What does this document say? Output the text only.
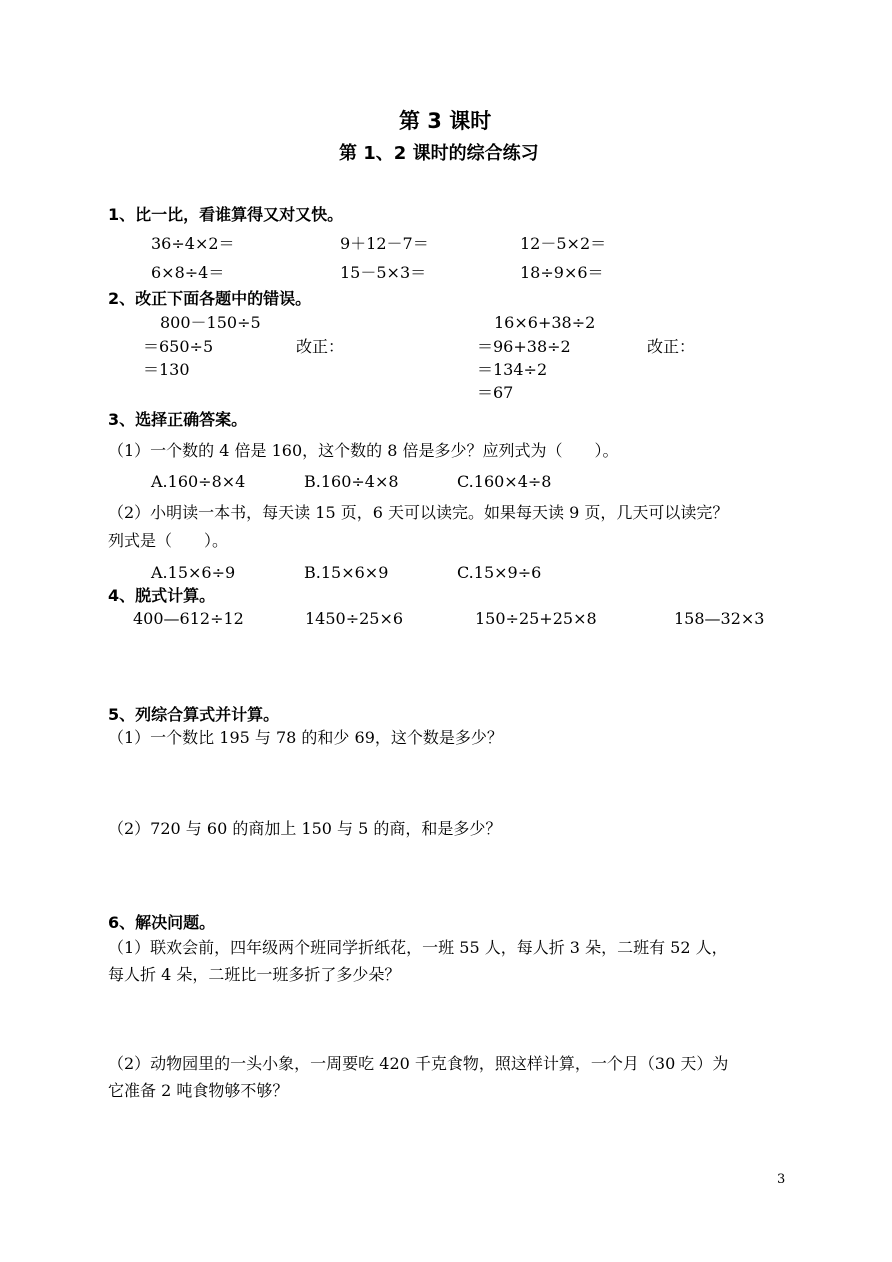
第 3 课时
第 1、2 课时的综合练习
1、比一比，看谁算得又对又快。
36÷4×2＝	9＋12－7＝	12－5×2＝
6×8÷4＝	15－5×3＝	18÷9×6＝
2、改正下面各题中的错误。
800－150÷5
＝650÷5
＝130
改正：
16×6+38÷2
＝96+38÷2
＝134÷2
＝67
改正：
3、选择正确答案。
（1）一个数的 4 倍是 160，这个数的 8 倍是多少？应列式为（　　）。
A.160÷8×4	B.160÷4×8	C.160×4÷8
（2）小明读一本书，每天读 15 页，6 天可以读完。如果每天读 9 页，几天可以读完？
列式是（　　）。
A.15×6÷9	B.15×6×9	C.15×9÷6
4、脱式计算。
400—612÷12	1450÷25×6	150÷25+25×8	158—32×3
5、列综合算式并计算。
（1）一个数比 195 与 78 的和少 69，这个数是多少？
（2）720 与 60 的商加上 150 与 5 的商，和是多少？
6、解决问题。
（1）联欢会前，四年级两个班同学折纸花，一班 55 人，每人折 3 朵，二班有 52 人，
每人折 4 朵，二班比一班多折了多少朵？
（2）动物园里的一头小象，一周要吃 420 千克食物，照这样计算，一个月（30 天）为
它准备 2 吨食物够不够？
3
